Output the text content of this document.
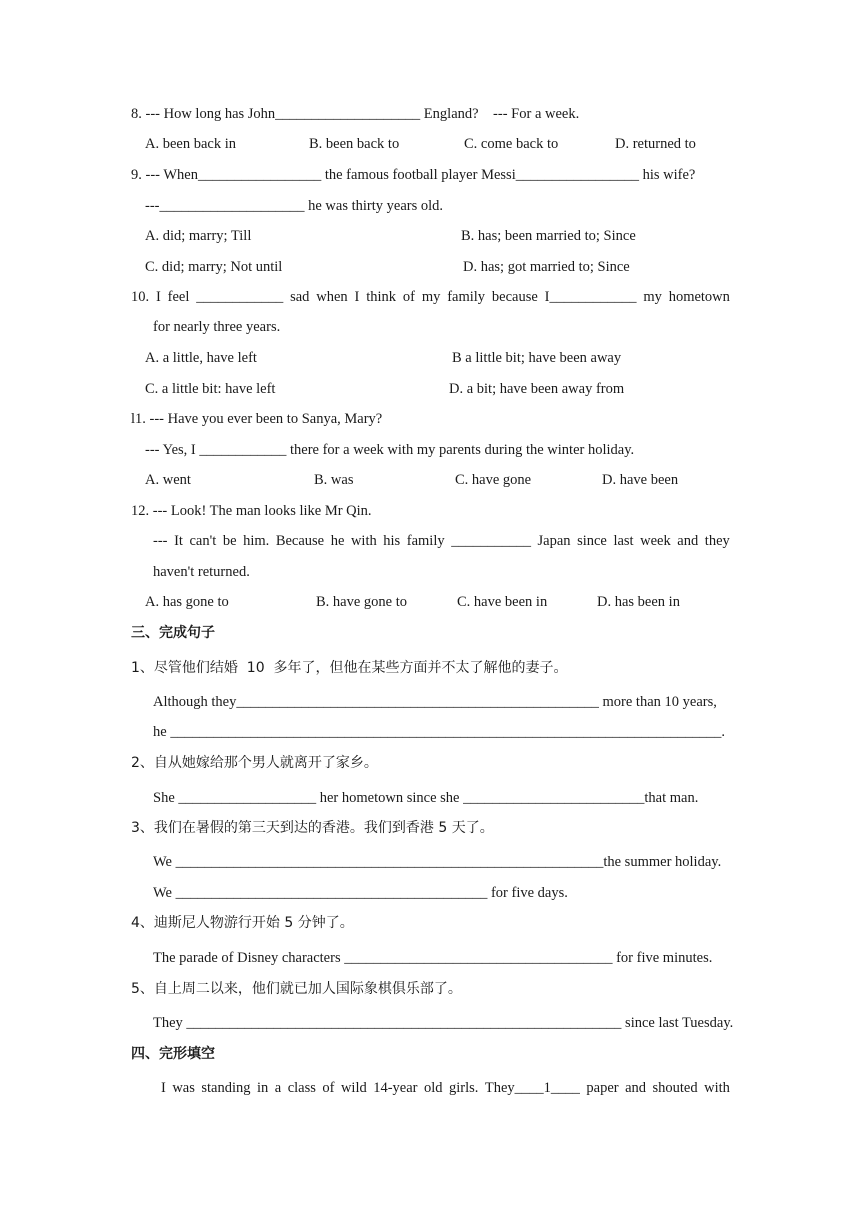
8. --- How long has John____________________ England?    --- For a week.
A. been back in	B. been back to	C. come back to	D. returned to
9. --- When_________________ the famous football player Messi_________________ his wife?
---____________________ he was thirty years old.
A. did; marry; Till	B. has; been married to; Since
C. did; marry; Not until	D. has; got married to; Since
10. I feel ____________ sad when I think of my family because I____________ my hometown
for nearly three years.
A. a little, have left	B a little bit; have been away
C. a little bit: have left	D. a bit; have been away from
l1. --- Have you ever been to Sanya, Mary?
--- Yes, I ____________ there for a week with my parents during the winter holiday.
A. went	B. was	C. have gone	D. have been
12. --- Look! The man looks like Mr Qin.
--- It can't be him. Because he with his family ___________ Japan since last week and they
haven't returned.
A. has gone to	B. have gone to	C. have been in	D. has been in
三、完成句子
1、尽管他们结婚  10  多年了，但他在某些方面并不太了解他的妻子。
Although they__________________________________________________ more than 10 years,
he ____________________________________________________________________________.
2、自从她嫁给那个男人就离开了家乡。
She ___________________ her hometown since she _________________________that man.
3、我们在暑假的第三天到达的香港。我们到香港 5 天了。
We ___________________________________________________________the summer holiday.
We ___________________________________________ for five days.
4、迪斯尼人物游行开始 5 分钟了。
The parade of Disney characters _____________________________________ for five minutes.
5、自上周二以来，他们就已加人国际象棋俱乐部了。
They ____________________________________________________________ since last Tuesday.
四、完形填空
I was standing in a class of wild 14-year old girls. They____1____ paper and shouted with
